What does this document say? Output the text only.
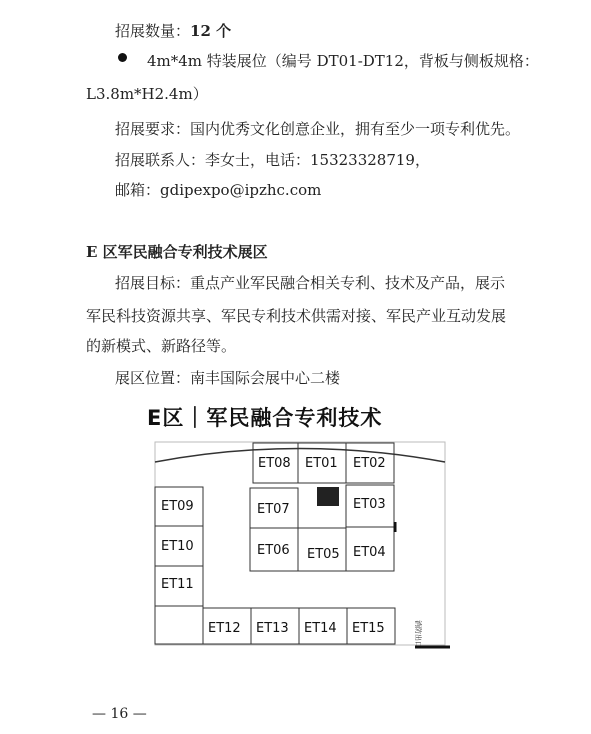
招展数量：12 个
4m*4m 特装展位（编号 DT01-DT12，背板与侧板规格：
L3.8m*H2.4m）
招展要求：国内优秀文化创意企业，拥有至少一项专利优先。
招展联系人：李女士，电话：15323328719，
邮箱：gdipexpo@ipzhc.com
E 区军民融合专利技术展区
招展目标：重点产业军民融合相关专利、技术及产品，展示
军民科技资源共享、军民专利技术供需对接、军民产业互动发展
的新模式、新路径等。
展区位置：南丰国际会展中心二楼
E区｜军民融合专利技术
ET08 ET01 ET02
ET09	ET07	ET03
ET10	ET06 ET05 ET04
ET11
ET12 ET13 ET14 ET15	消防出口
— 16 —
